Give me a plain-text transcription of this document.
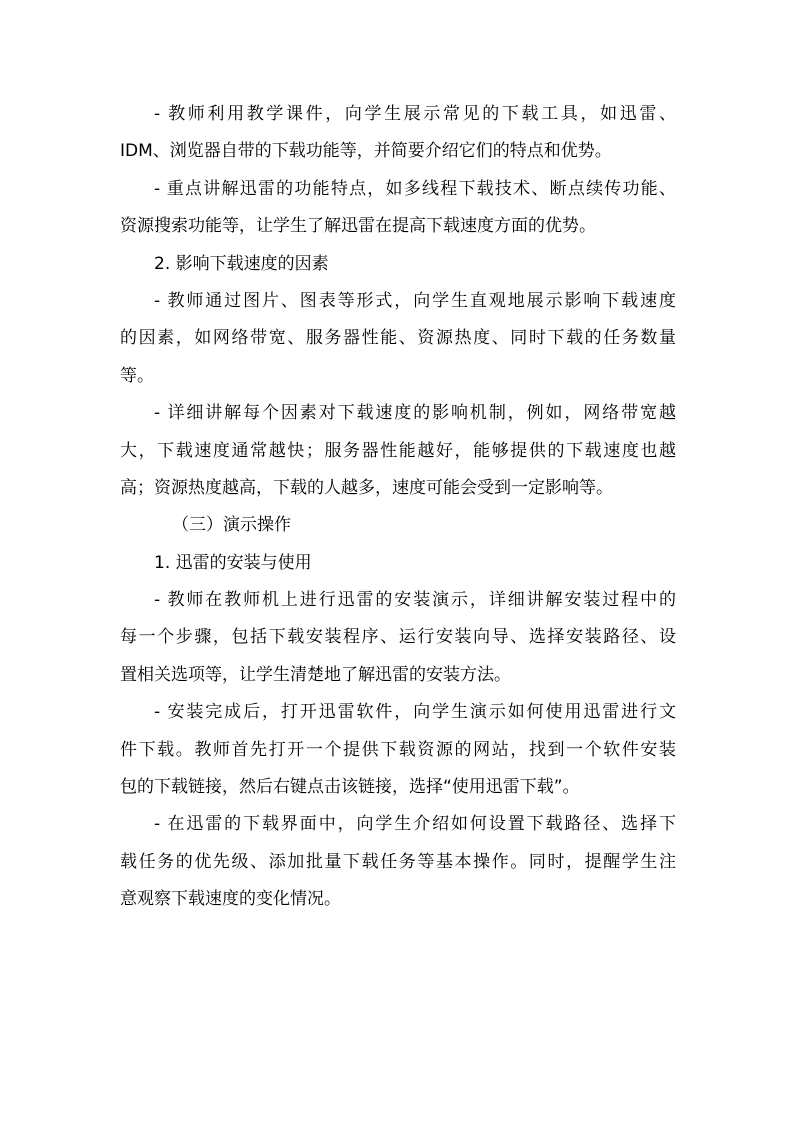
- 教师利用教学课件，向学生展示常见的下载工具，如迅雷、
IDM、浏览器自带的下载功能等，并简要介绍它们的特点和优势。
- 重点讲解迅雷的功能特点，如多线程下载技术、断点续传功能、
资源搜索功能等，让学生了解迅雷在提高下载速度方面的优势。
2. 影响下载速度的因素
- 教师通过图片、图表等形式，向学生直观地展示影响下载速度
的因素，如网络带宽、服务器性能、资源热度、同时下载的任务数量
等。
- 详细讲解每个因素对下载速度的影响机制，例如，网络带宽越
大，下载速度通常越快；服务器性能越好，能够提供的下载速度也越
高；资源热度越高，下载的人越多，速度可能会受到一定影响等。
（三）演示操作
1. 迅雷的安装与使用
- 教师在教师机上进行迅雷的安装演示，详细讲解安装过程中的
每一个步骤，包括下载安装程序、运行安装向导、选择安装路径、设
置相关选项等，让学生清楚地了解迅雷的安装方法。
- 安装完成后，打开迅雷软件，向学生演示如何使用迅雷进行文
件下载。教师首先打开一个提供下载资源的网站，找到一个软件安装
包的下载链接，然后右键点击该链接，选择“使用迅雷下载”。
- 在迅雷的下载界面中，向学生介绍如何设置下载路径、选择下
载任务的优先级、添加批量下载任务等基本操作。同时，提醒学生注
意观察下载速度的变化情况。
